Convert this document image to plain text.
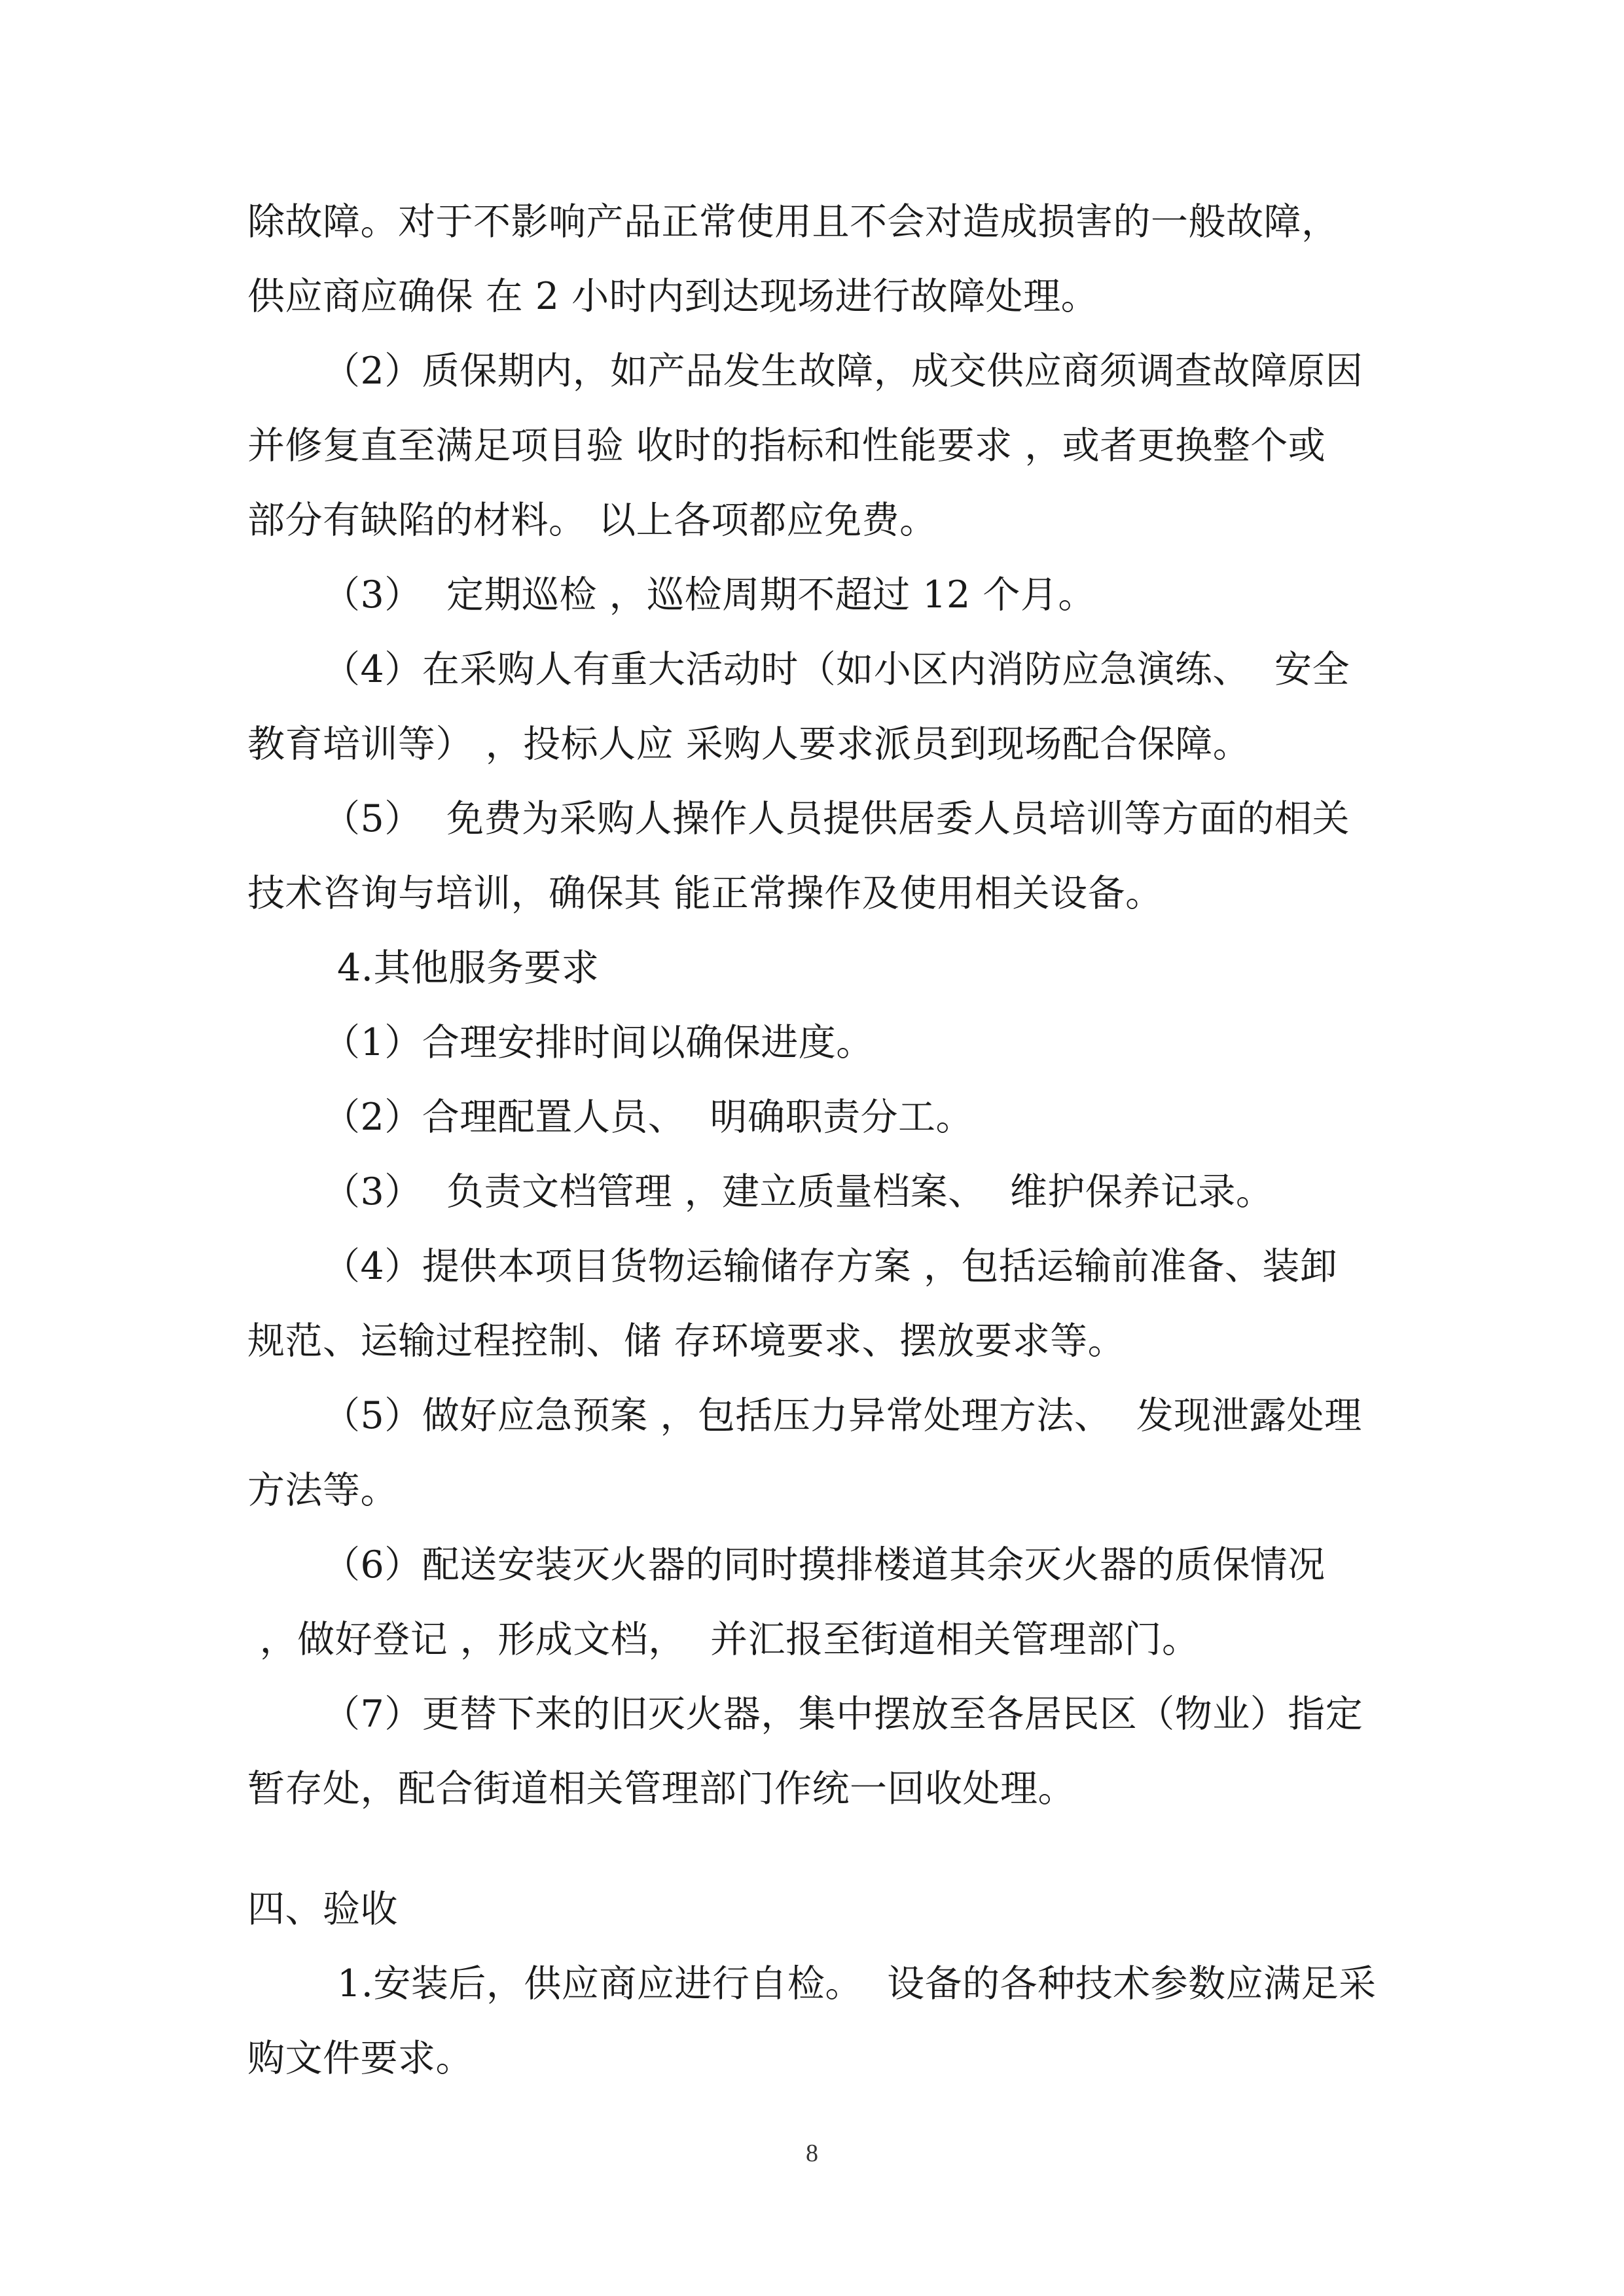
除故障。对于不影响产品正常使用且不会对造成损害的一般故障，

供应商应确保 在 2 小时内到达现场进行故障处理。

（2）质保期内，如产品发生故障，成交供应商须调查故障原因

并修复直至满足项目验 收时的指标和性能要求 ，或者更换整个或

部分有缺陷的材料。 以上各项都应免费。

（3）  定期巡检 ，巡检周期不超过 12 个月。

（4）在采购人有重大活动时（如小区内消防应急演练、  安全

教育培训等） ，投标人应 采购人要求派员到现场配合保障。

（5）  免费为采购人操作人员提供居委人员培训等方面的相关

技术咨询与培训，确保其 能正常操作及使用相关设备。

4.其他服务要求

（1）合理安排时间以确保进度。

（2）合理配置人员、  明确职责分工。

（3）  负责文档管理 ，建立质量档案、  维护保养记录。

（4）提供本项目货物运输储存方案 ，包括运输前准备、装卸

规范、运输过程控制、储 存环境要求、摆放要求等。

（5）做好应急预案 ，包括压力异常处理方法、  发现泄露处理

方法等。

（6）配送安装灭火器的同时摸排楼道其余灭火器的质保情况

，做好登记 ，形成文档，  并汇报至街道相关管理部门。

（7）更替下来的旧灭火器，集中摆放至各居民区（物业）指定

暂存处，配合街道相关管理部门作统一回收处理。

四、验收

1.安装后，供应商应进行自检。  设备的各种技术参数应满足采

购文件要求。

8
